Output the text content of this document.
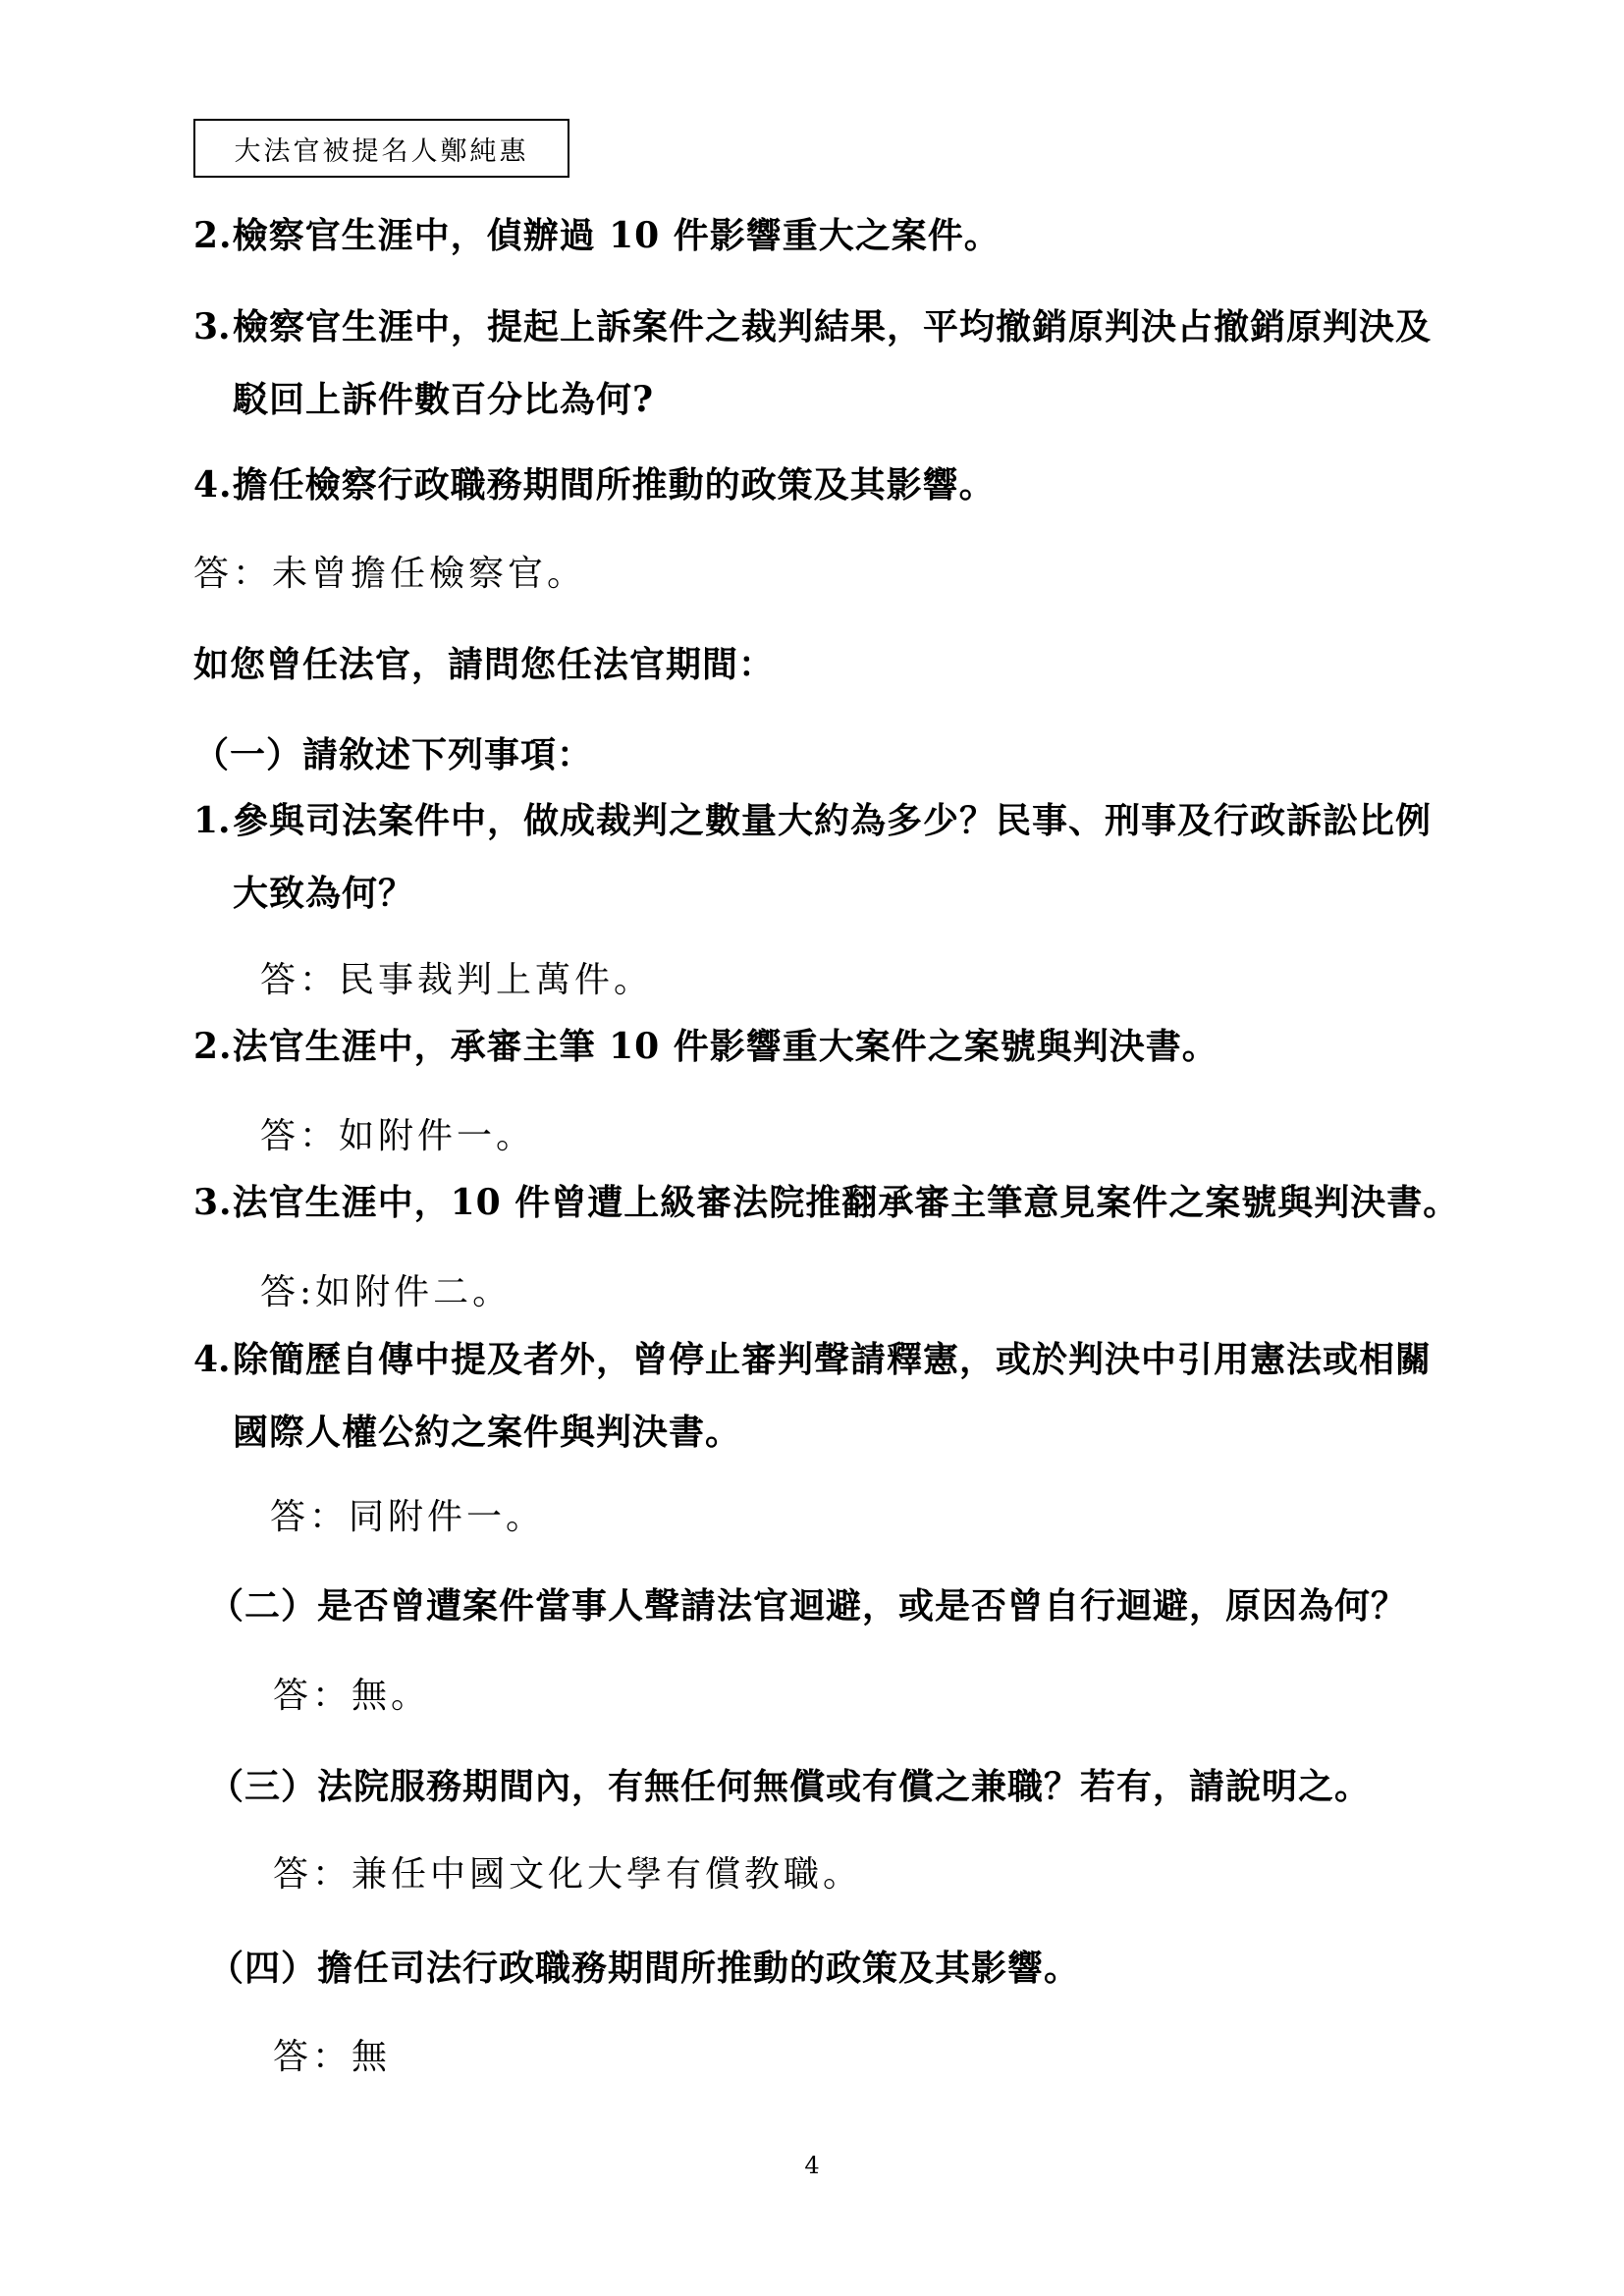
大法官被提名人鄭純惠
2.檢察官生涯中，偵辦過 10 件影響重大之案件。
3. 檢察官生涯中，提起上訴案件之裁判結果，平均撤銷原判決占撤銷原判決及駁回上訴件數百分比為何?
4.擔任檢察行政職務期間所推動的政策及其影響。
答：未曾擔任檢察官。
如您曾任法官，請問您任法官期間：
（一）請敘述下列事項：
1. 參與司法案件中，做成裁判之數量大約為多少？民事、刑事及行政訴訟比例大致為何？
答：民事裁判上萬件。
2.法官生涯中，承審主筆 10 件影響重大案件之案號與判決書。
答：如附件一。
3.法官生涯中，10 件曾遭上級審法院推翻承審主筆意見案件之案號與判決書。
答:如附件二。
4. 除簡歷自傳中提及者外，曾停止審判聲請釋憲，或於判決中引用憲法或相關國際人權公約之案件與判決書。
答：同附件一。
（二）是否曾遭案件當事人聲請法官迴避，或是否曾自行迴避，原因為何？
答：無。
（三）法院服務期間內，有無任何無償或有償之兼職？若有，請說明之。
答：兼任中國文化大學有償教職。
（四）擔任司法行政職務期間所推動的政策及其影響。
答：無
4
